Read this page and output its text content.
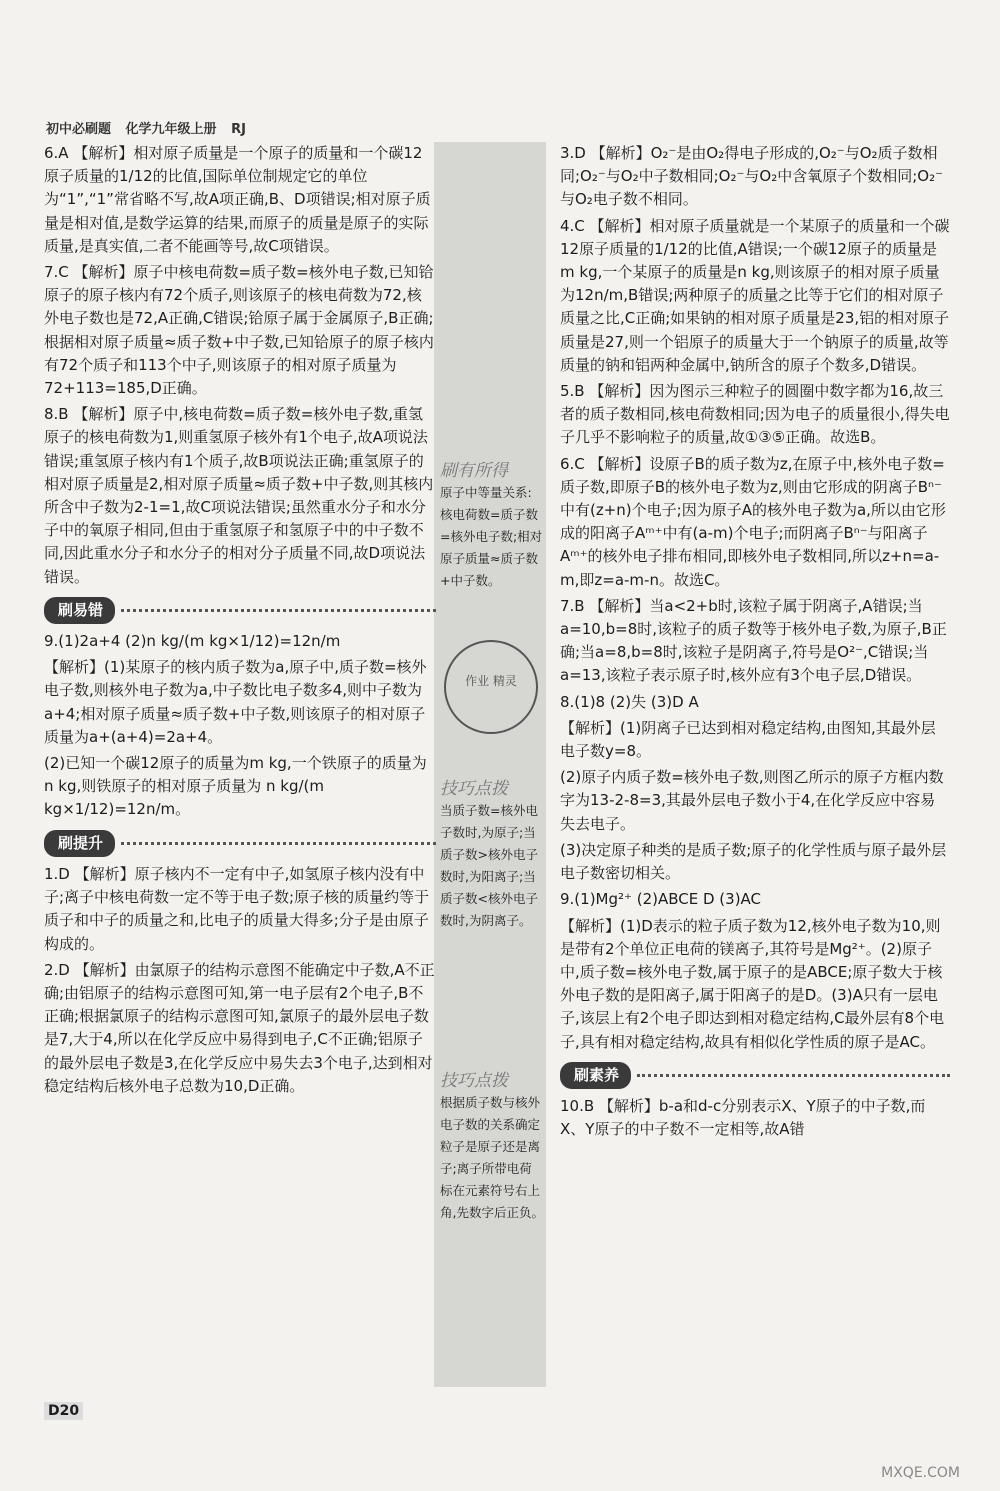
初中必刷题 化学九年级上册 RJ

6.A 【解析】相对原子质量是一个原子的质量和一个碳12原子质量的1/12的比值,国际单位制规定它的单位为“1”,“1”常省略不写,故A项正确,B、D项错误;相对原子质量是相对值,是数学运算的结果,而原子的质量是原子的实际质量,是真实值,二者不能画等号,故C项错误。

7.C 【解析】原子中核电荷数=质子数=核外电子数,已知铪原子的原子核内有72个质子,则该原子的核电荷数为72,核外电子数也是72,A正确,C错误;铪原子属于金属原子,B正确;根据相对原子质量≈质子数+中子数,已知铪原子的原子核内有72个质子和113个中子,则该原子的相对原子质量为72+113=185,D正确。

8.B 【解析】原子中,核电荷数=质子数=核外电子数,重氢原子的核电荷数为1,则重氢原子核外有1个电子,故A项说法错误;重氢原子核内有1个质子,故B项说法正确;重氢原子的相对原子质量是2,相对原子质量≈质子数+中子数,则其核内所含中子数为2-1=1,故C项说法错误;虽然重水分子和水分子中的氧原子相同,但由于重氢原子和氢原子中的中子数不同,因此重水分子和水分子的相对分子质量不同,故D项说法错误。

刷易错

9.(1)2a+4 (2)n kg/(m kg×1/12)=12n/m

【解析】(1)某原子的核内质子数为a,原子中,质子数=核外电子数,则核外电子数为a,中子数比电子数多4,则中子数为a+4;相对原子质量≈质子数+中子数,则该原子的相对原子质量为a+(a+4)=2a+4。

(2)已知一个碳12原子的质量为m kg,一个铁原子的质量为n kg,则铁原子的相对原子质量为 n kg/(m kg×1/12)=12n/m。

刷提升

1.D 【解析】原子核内不一定有中子,如氢原子核内没有中子;离子中核电荷数一定不等于电子数;原子核的质量约等于质子和中子的质量之和,比电子的质量大得多;分子是由原子构成的。

2.D 【解析】由氯原子的结构示意图不能确定中子数,A不正确;由铝原子的结构示意图可知,第一电子层有2个电子,B不正确;根据氯原子的结构示意图可知,氯原子的最外层电子数是7,大于4,所以在化学反应中易得到电子,C不正确;铝原子的最外层电子数是3,在化学反应中易失去3个电子,达到相对稳定结构后核外电子总数为10,D正确。

3.D 【解析】O₂⁻是由O₂得电子形成的,O₂⁻与O₂质子数相同;O₂⁻与O₂中子数相同;O₂⁻与O₂中含氧原子个数相同;O₂⁻与O₂电子数不相同。

4.C 【解析】相对原子质量就是一个某原子的质量和一个碳12原子质量的1/12的比值,A错误;一个碳12原子的质量是m kg,一个某原子的质量是n kg,则该原子的相对原子质量为12n/m,B错误;两种原子的质量之比等于它们的相对原子质量之比,C正确;如果钠的相对原子质量是23,铝的相对原子质量是27,则一个铝原子的质量大于一个钠原子的质量,故等质量的钠和铝两种金属中,钠所含的原子个数多,D错误。

5.B 【解析】因为图示三种粒子的圆圈中数字都为16,故三者的质子数相同,核电荷数相同;因为电子的质量很小,得失电子几乎不影响粒子的质量,故①③⑤正确。故选B。

6.C 【解析】设原子B的质子数为z,在原子中,核外电子数=质子数,即原子B的核外电子数为z,则由它形成的阴离子Bⁿ⁻中有(z+n)个电子;因为原子A的核外电子数为a,所以由它形成的阳离子Aᵐ⁺中有(a-m)个电子;而阴离子Bⁿ⁻与阳离子Aᵐ⁺的核外电子排布相同,即核外电子数相同,所以z+n=a-m,即z=a-m-n。故选C。

7.B 【解析】当a<2+b时,该粒子属于阴离子,A错误;当a=10,b=8时,该粒子的质子数等于核外电子数,为原子,B正确;当a=8,b=8时,该粒子是阴离子,符号是O²⁻,C错误;当a=13,该粒子表示原子时,核外应有3个电子层,D错误。

8.(1)8 (2)失 (3)D A

【解析】(1)阴离子已达到相对稳定结构,由图知,其最外层电子数y=8。

(2)原子内质子数=核外电子数,则图乙所示的原子方框内数字为13-2-8=3,其最外层电子数小于4,在化学反应中容易失去电子。

(3)决定原子种类的是质子数;原子的化学性质与原子最外层电子数密切相关。

9.(1)Mg²⁺ (2)ABCE D (3)AC

【解析】(1)D表示的粒子质子数为12,核外电子数为10,则是带有2个单位正电荷的镁离子,其符号是Mg²⁺。(2)原子中,质子数=核外电子数,属于原子的是ABCE;原子数大于核外电子数的是阳离子,属于阳离子的是D。(3)A只有一层电子,该层上有2个电子即达到相对稳定结构,C最外层有8个电子,具有相对稳定结构,故具有相似化学性质的原子是AC。

刷素养

10.B 【解析】b-a和d-c分别表示X、Y原子的中子数,而X、Y原子的中子数不一定相等,故A错

刷有所得
原子中等量关系:核电荷数=质子数=核外电子数;相对原子质量≈质子数+中子数。
作业 精灵
技巧点拨
当质子数=核外电子数时,为原子;当质子数>核外电子数时,为阳离子;当质子数<核外电子数时,为阴离子。
技巧点拨
根据质子数与核外电子数的关系确定粒子是原子还是离子;离子所带电荷标在元素符号右上角,先数字后正负。
D20
MXQE.COM
